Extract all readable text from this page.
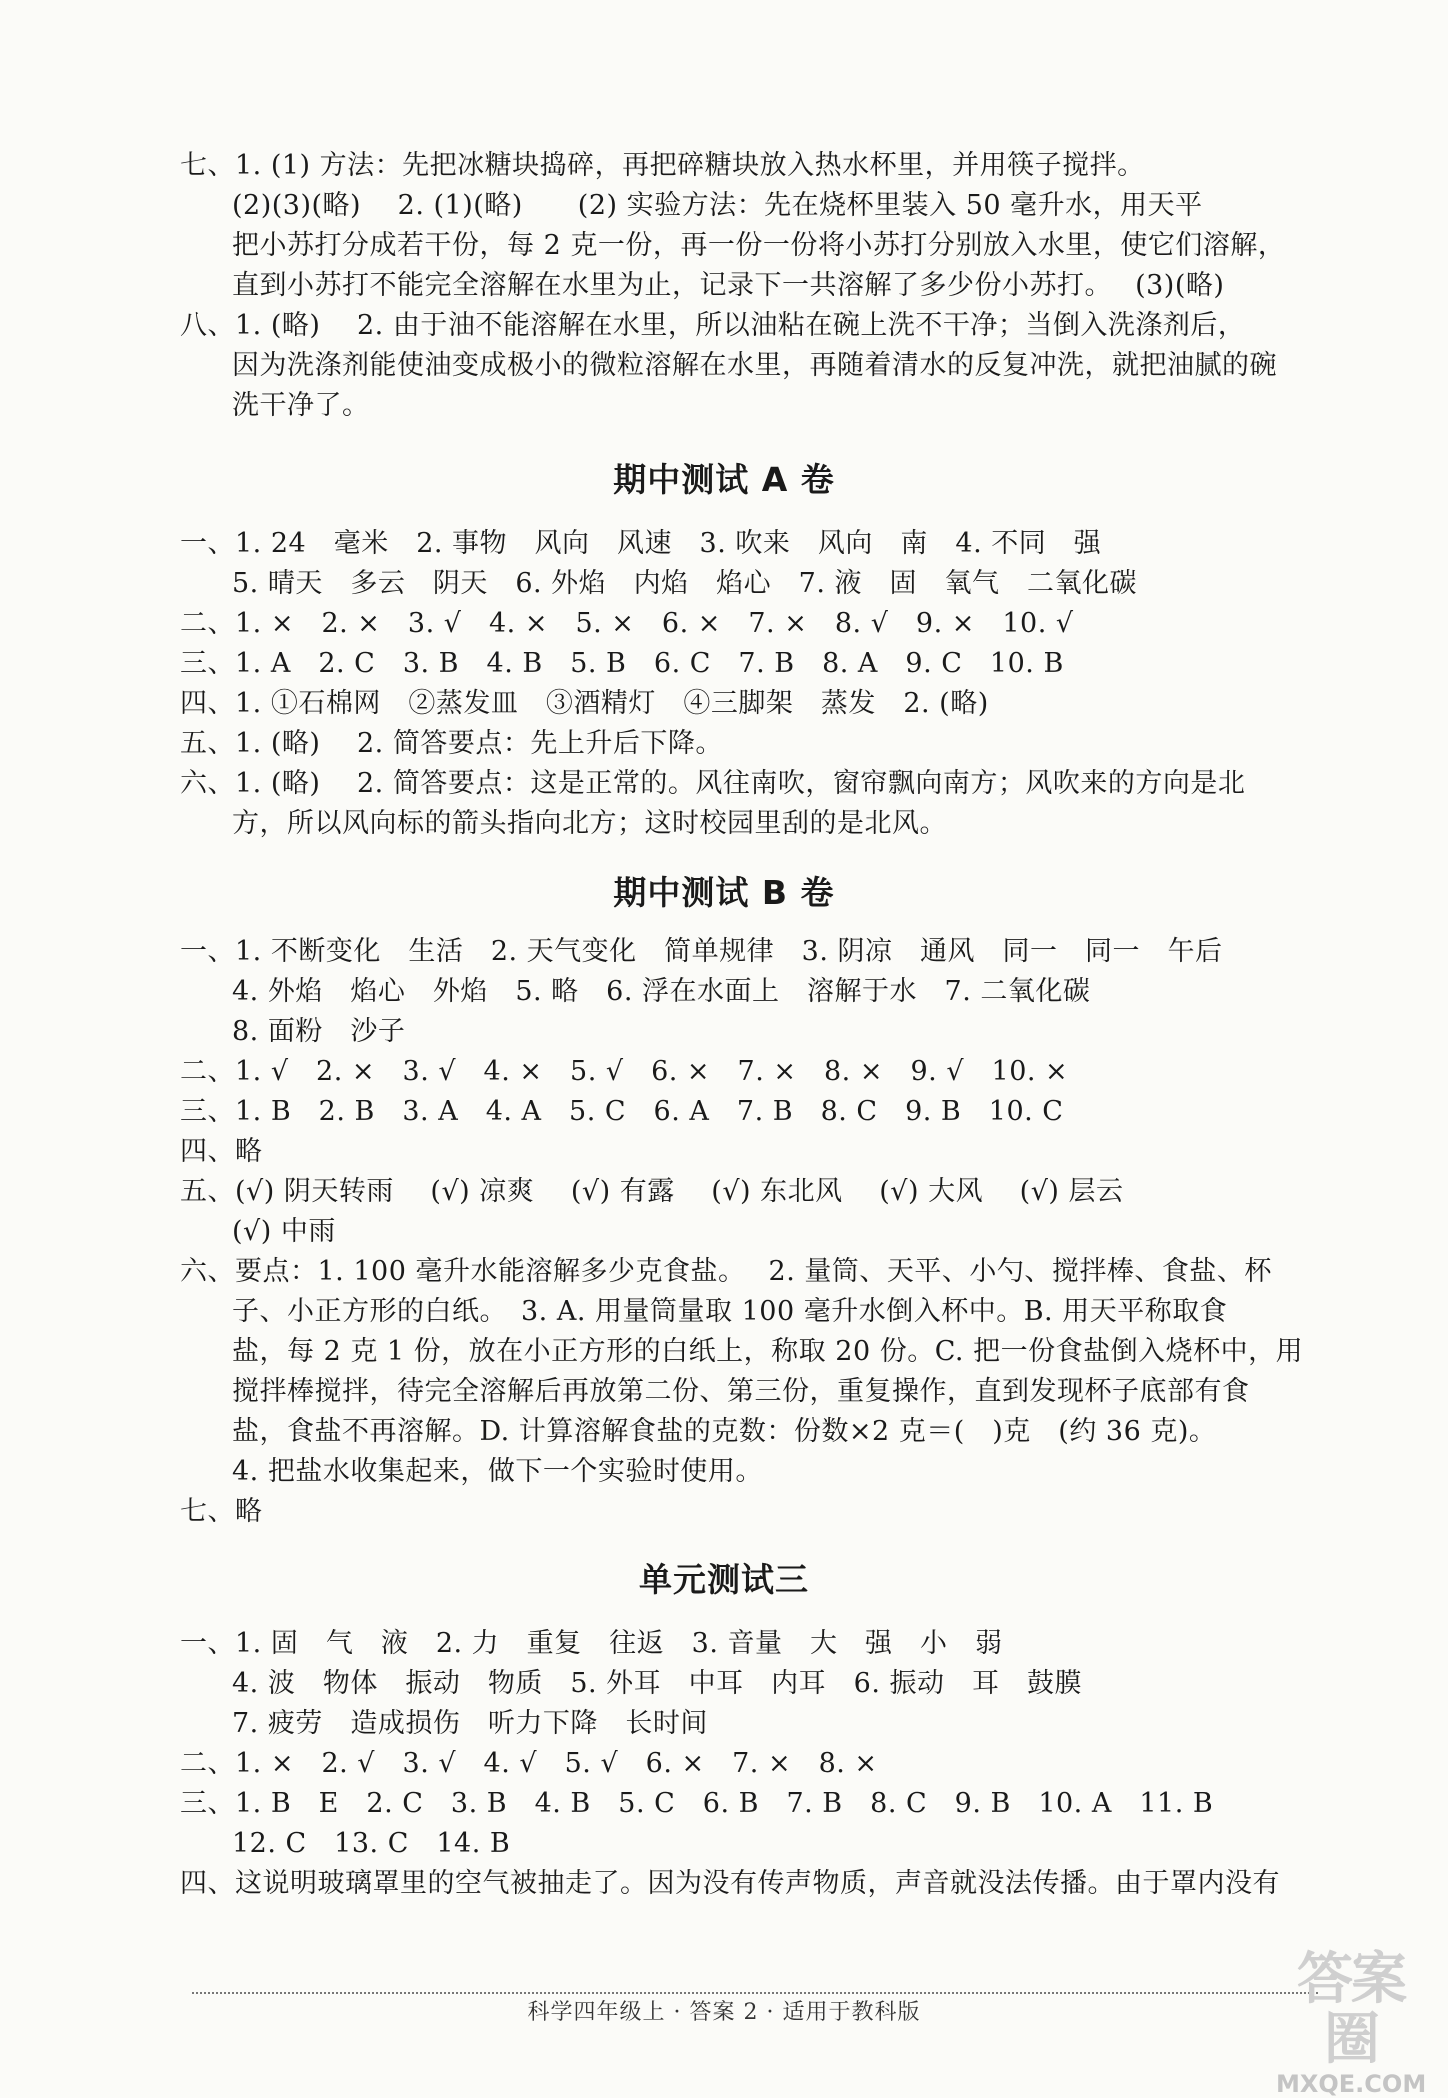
七、1. (1) 方法：先把冰糖块捣碎，再把碎糖块放入热水杯里，并用筷子搅拌。
(2)(3)(略)　 2. (1)(略)　　(2) 实验方法：先在烧杯里装入 50 毫升水，用天平
把小苏打分成若干份，每 2 克一份，再一份一份将小苏打分别放入水里，使它们溶解，
直到小苏打不能完全溶解在水里为止，记录下一共溶解了多少份小苏打。　 (3)(略)
八、1. (略)　 2. 由于油不能溶解在水里，所以油粘在碗上洗不干净；当倒入洗涤剂后，
因为洗涤剂能使油变成极小的微粒溶解在水里，再随着清水的反复冲洗，就把油腻的碗
洗干净了。
期中测试 A 卷
一、1. 24　毫米　2. 事物　风向　风速　3. 吹来　风向　南　4. 不同　强
5. 晴天　多云　阴天　6. 外焰　内焰　焰心　7. 液　固　氧气　二氧化碳
二、1. ×　2. ×　3. √　4. ×　5. ×　6. ×　7. ×　8. √　9. ×　10. √
三、1. A　2. C　3. B　4. B　5. B　6. C　7. B　8. A　9. C　10. B
四、1. ①石棉网　②蒸发皿　③酒精灯　④三脚架　蒸发　2. (略)
五、1. (略)　 2. 简答要点：先上升后下降。
六、1. (略)　 2. 简答要点：这是正常的。风往南吹，窗帘飘向南方；风吹来的方向是北
方，所以风向标的箭头指向北方；这时校园里刮的是北风。
期中测试 B 卷
一、1. 不断变化　生活　2. 天气变化　简单规律　3. 阴凉　通风　同一　同一　午后
4. 外焰　焰心　外焰　5. 略　6. 浮在水面上　溶解于水　7. 二氧化碳
8. 面粉　沙子
二、1. √　2. ×　3. √　4. ×　5. √　6. ×　7. ×　8. ×　9. √　10. ×
三、1. B　2. B　3. A　4. A　5. C　6. A　7. B　8. C　9. B　10. C
四、略
五、(√) 阴天转雨　 (√) 凉爽　 (√) 有露　 (√) 东北风　 (√) 大风　 (√) 层云
(√) 中雨
六、要点：1. 100 毫升水能溶解多少克食盐。　 2. 量筒、天平、小勺、搅拌棒、食盐、杯
子、小正方形的白纸。　3. A. 用量筒量取 100 毫升水倒入杯中。B. 用天平称取食
盐，每 2 克 1 份，放在小正方形的白纸上，称取 20 份。C. 把一份食盐倒入烧杯中，用
搅拌棒搅拌，待完全溶解后再放第二份、第三份，重复操作，直到发现杯子底部有食
盐，食盐不再溶解。D. 计算溶解食盐的克数：份数×2 克＝(　)克　(约 36 克)。
4. 把盐水收集起来，做下一个实验时使用。
七、略
单元测试三
一、1. 固　气　液　2. 力　重复　往返　3. 音量　大　强　小　弱
4. 波　物体　振动　物质　5. 外耳　中耳　内耳　6. 振动　耳　鼓膜
7. 疲劳　造成损伤　听力下降　长时间
二、1. ×　2. √　3. √　4. √　5. √　6. ×　7. ×　8. ×
三、1. B　E　2. C　3. B　4. B　5. C　6. B　7. B　8. C　9. B　10. A　11. B
12. C　13. C　14. B
四、这说明玻璃罩里的空气被抽走了。因为没有传声物质，声音就没法传播。由于罩内没有
科学四年级上 · 答案 2 · 适用于教科版
答案圈
MXQE.COM
